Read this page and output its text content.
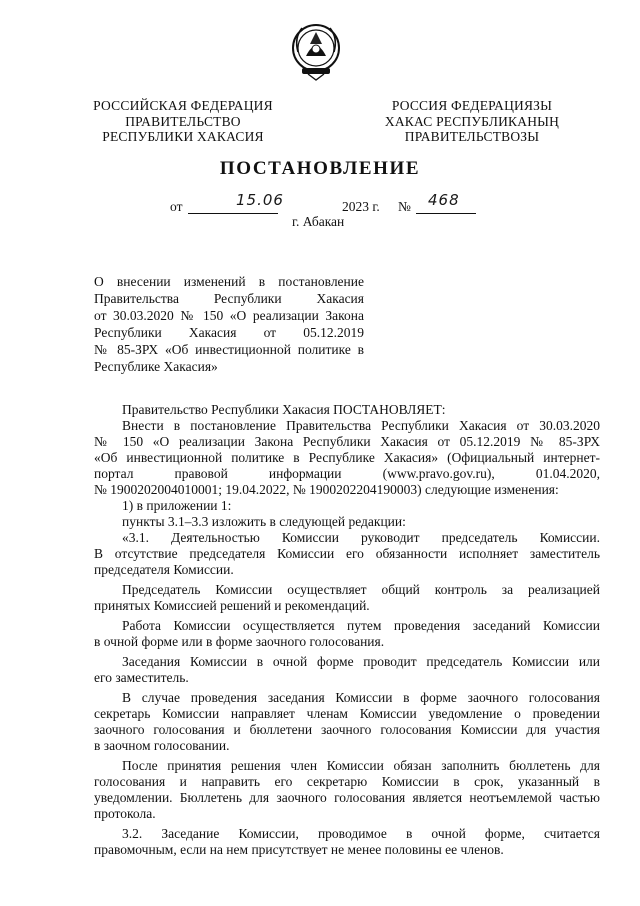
РОССИЙСКАЯ ФЕДЕРАЦИЯ
ПРАВИТЕЛЬСТВО
РЕСПУБЛИКИ ХАКАСИЯ
РОССИЯ ФЕДЕРАЦИЯЗЫ
ХАКАС РЕСПУБЛИКАНЫҢ
ПРАВИТЕЛЬСТВОЗЫ
ПОСТАНОВЛЕНИЕ
от	15.06	2023 г. № 468
г. Абакан
О внесении изменений в постановление
Правительства Республики Хакасия
от 30.03.2020 № 150 «О реализации Закона
Республики Хакасия от 05.12.2019
№ 85-ЗРХ «Об инвестиционной политике в
Республике Хакасия»
Правительство Республики Хакасия ПОСТАНОВЛЯЕТ:
Внести в постановление Правительства Республики Хакасия от 30.03.2020
№ 150 «О реализации Закона Республики Хакасия от 05.12.2019 № 85-ЗРХ
«Об инвестиционной политике в Республике Хакасия» (Официальный интернет-
портал правовой информации (www.pravo.gov.ru), 01.04.2020,
№ 1900202004010001; 19.04.2022, № 1900202204190003) следующие изменения:
1) в приложении 1:
пункты 3.1–3.3 изложить в следующей редакции:
«3.1. Деятельностью Комиссии руководит председатель Комиссии.
В отсутствие председателя Комиссии его обязанности исполняет заместитель
председателя Комиссии.
Председатель Комиссии осуществляет общий контроль за реализацией
принятых Комиссией решений и рекомендаций.
Работа Комиссии осуществляется путем проведения заседаний Комиссии
в очной форме или в форме заочного голосования.
Заседания Комиссии в очной форме проводит председатель Комиссии или
его заместитель.
В случае проведения заседания Комиссии в форме заочного голосования
секретарь Комиссии направляет членам Комиссии уведомление о проведении
заочного голосования и бюллетени заочного голосования Комиссии для участия
в заочном голосовании.
После принятия решения член Комиссии обязан заполнить бюллетень для
голосования и направить его секретарю Комиссии в срок, указанный в
уведомлении. Бюллетень для заочного голосования является неотъемлемой частью
протокола.
3.2. Заседание Комиссии, проводимое в очной форме, считается
правомочным, если на нем присутствует не менее половины ее членов.
